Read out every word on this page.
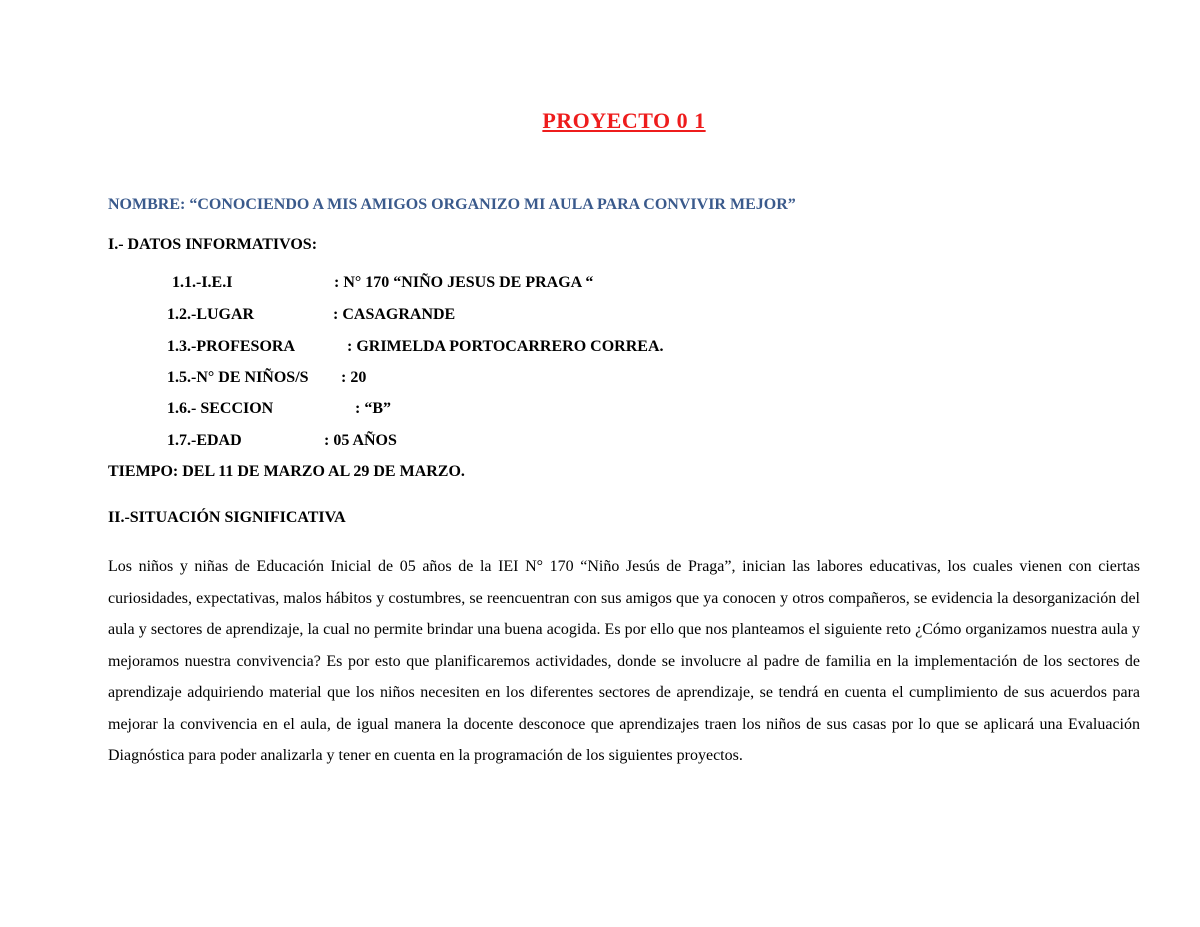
PROYECTO 0 1
NOMBRE: “CONOCIENDO A MIS AMIGOS ORGANIZO MI AULA PARA CONVIVIR MEJOR”
I.- DATOS INFORMATIVOS:
1.1.-I.E.I	: N° 170 “NIÑO JESUS DE PRAGA “
1.2.-LUGAR	: CASAGRANDE
1.3.-PROFESORA	: GRIMELDA PORTOCARRERO CORREA.
1.5.-N° DE NIÑOS/S : 20
1.6.- SECCION	: “B”
1.7.-EDAD	: 05 AÑOS
TIEMPO: DEL 11 DE MARZO AL 29 DE MARZO.
II.-SITUACIÓN SIGNIFICATIVA

Los niños y niñas de Educación Inicial de 05 años de la IEI N° 170 “Niño Jesús de Praga”, inician las labores educativas, los cuales vienen con ciertas curiosidades, expectativas, malos hábitos y costumbres, se reencuentran con sus amigos que ya conocen y otros compañeros, se evidencia la desorganización del aula y sectores de aprendizaje, la cual no permite brindar una buena acogida. Es por ello que nos planteamos el siguiente reto ¿Cómo organizamos nuestra aula y mejoramos nuestra convivencia? Es por esto que planificaremos actividades, donde se involucre al padre de familia en la implementación de los sectores de aprendizaje adquiriendo material que los niños necesiten en los diferentes sectores de aprendizaje, se tendrá en cuenta el cumplimiento de sus acuerdos para mejorar la convivencia en el aula, de igual manera la docente desconoce que aprendizajes traen los niños de sus casas por lo que se aplicará una Evaluación Diagnóstica para poder analizarla y tener en cuenta en la programación de los siguientes proyectos.
